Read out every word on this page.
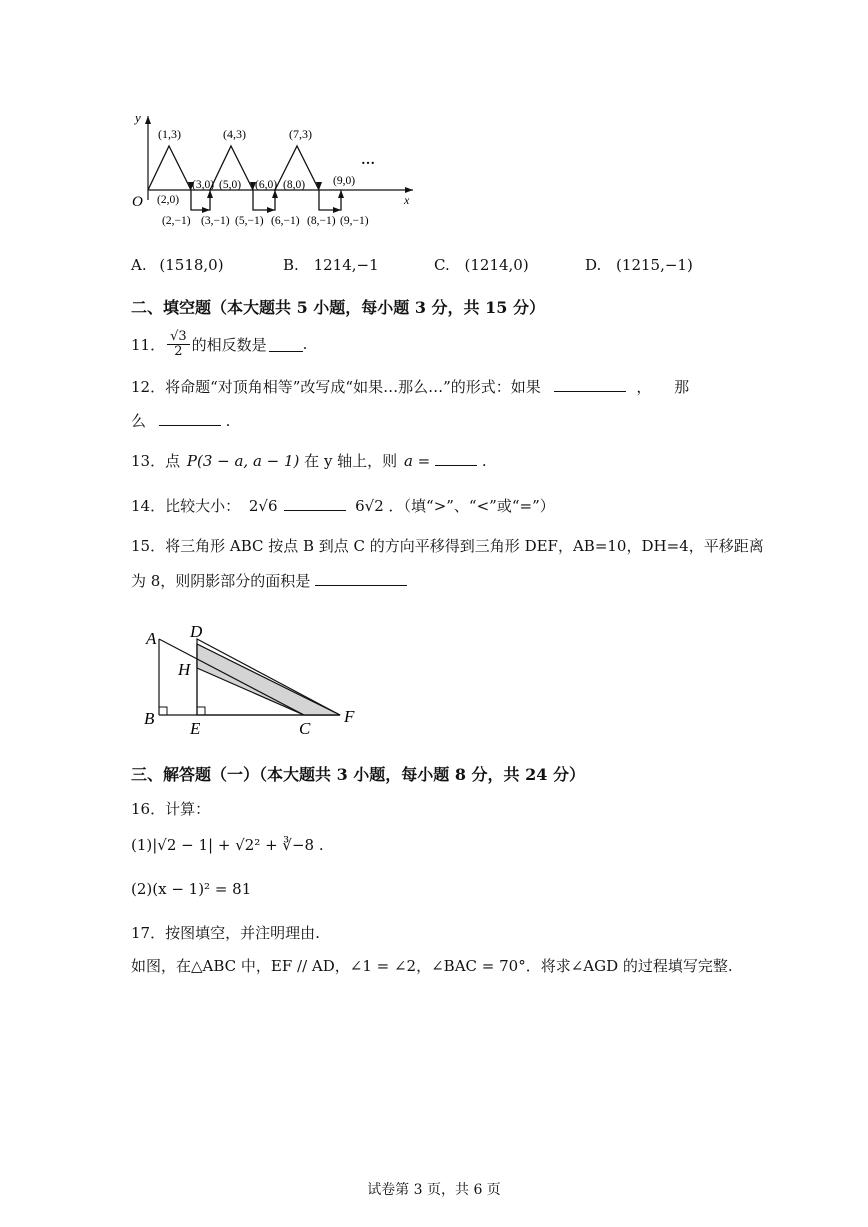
y
x
O
(1,3)	(4,3)	(7,3)
…
(2,0)
(3,0) (5,0) (6,0) (8,0) (9,0)
(2,−1) (3,−1) (5,−1) (6,−1) (8,−1) (9,−1)
A. (1518,0)	B. 1214,−1	C. (1214,0)	D. (1215,−1)
二、填空题（本大题共 5 小题，每小题 3 分，共 15 分）
11． $\frac{√3}{2}$ 的相反数是 .
12．将命题“对顶角相等”改写成“如果…那么…”的形式：如果	， 那
么	.
13．点 P(3 − a, a − 1) 在 y 轴上，则 a =	.
14．比较大小： 2√6	6√2 ．（填“>”、“<”或“=”）
15．将三角形 ABC 按点 B 到点 C 的方向平移得到三角形 DEF，AB=10，DH=4，平移距离
为 8，则阴影部分的面积是
A D
H
B
E	C
F
三、解答题（一）（本大题共 3 小题，每小题 8 分，共 24 分）
16．计算：
(1)|√2 − 1| + √2² + ∛−8 .
(2)(x − 1)² = 81
17．按图填空，并注明理由.
如图，在△ABC 中，EF // AD，∠1 = ∠2，∠BAC = 70°．将求∠AGD 的过程填写完整.
试卷第 3 页，共 6 页
